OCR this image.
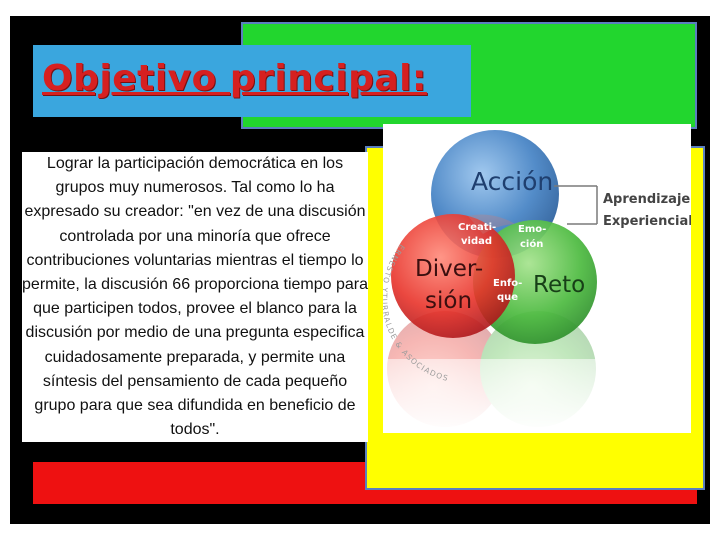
Objetivo principal:
Lograr la participación democrática en los grupos muy numerosos. Tal como lo ha expresado su creador: "en vez de una discusión controlada por una minoría que ofrece contribuciones voluntarias mientras el tiempo lo permite, la discusión 66 proporciona tiempo para que participen todos, provee el blanco para la discusión por medio de una pregunta especifica cuidadosamente preparada, y permite una síntesis del pensamiento de cada pequeño grupo para que sea difundida en beneficio de todos".
ERNEST ALDE & ASOCIADOS
Acción
Creati-
vidad
Emo-
ción
Diver-
sión
Enfo-
que Reto
Aprendizaje
Experiencial
